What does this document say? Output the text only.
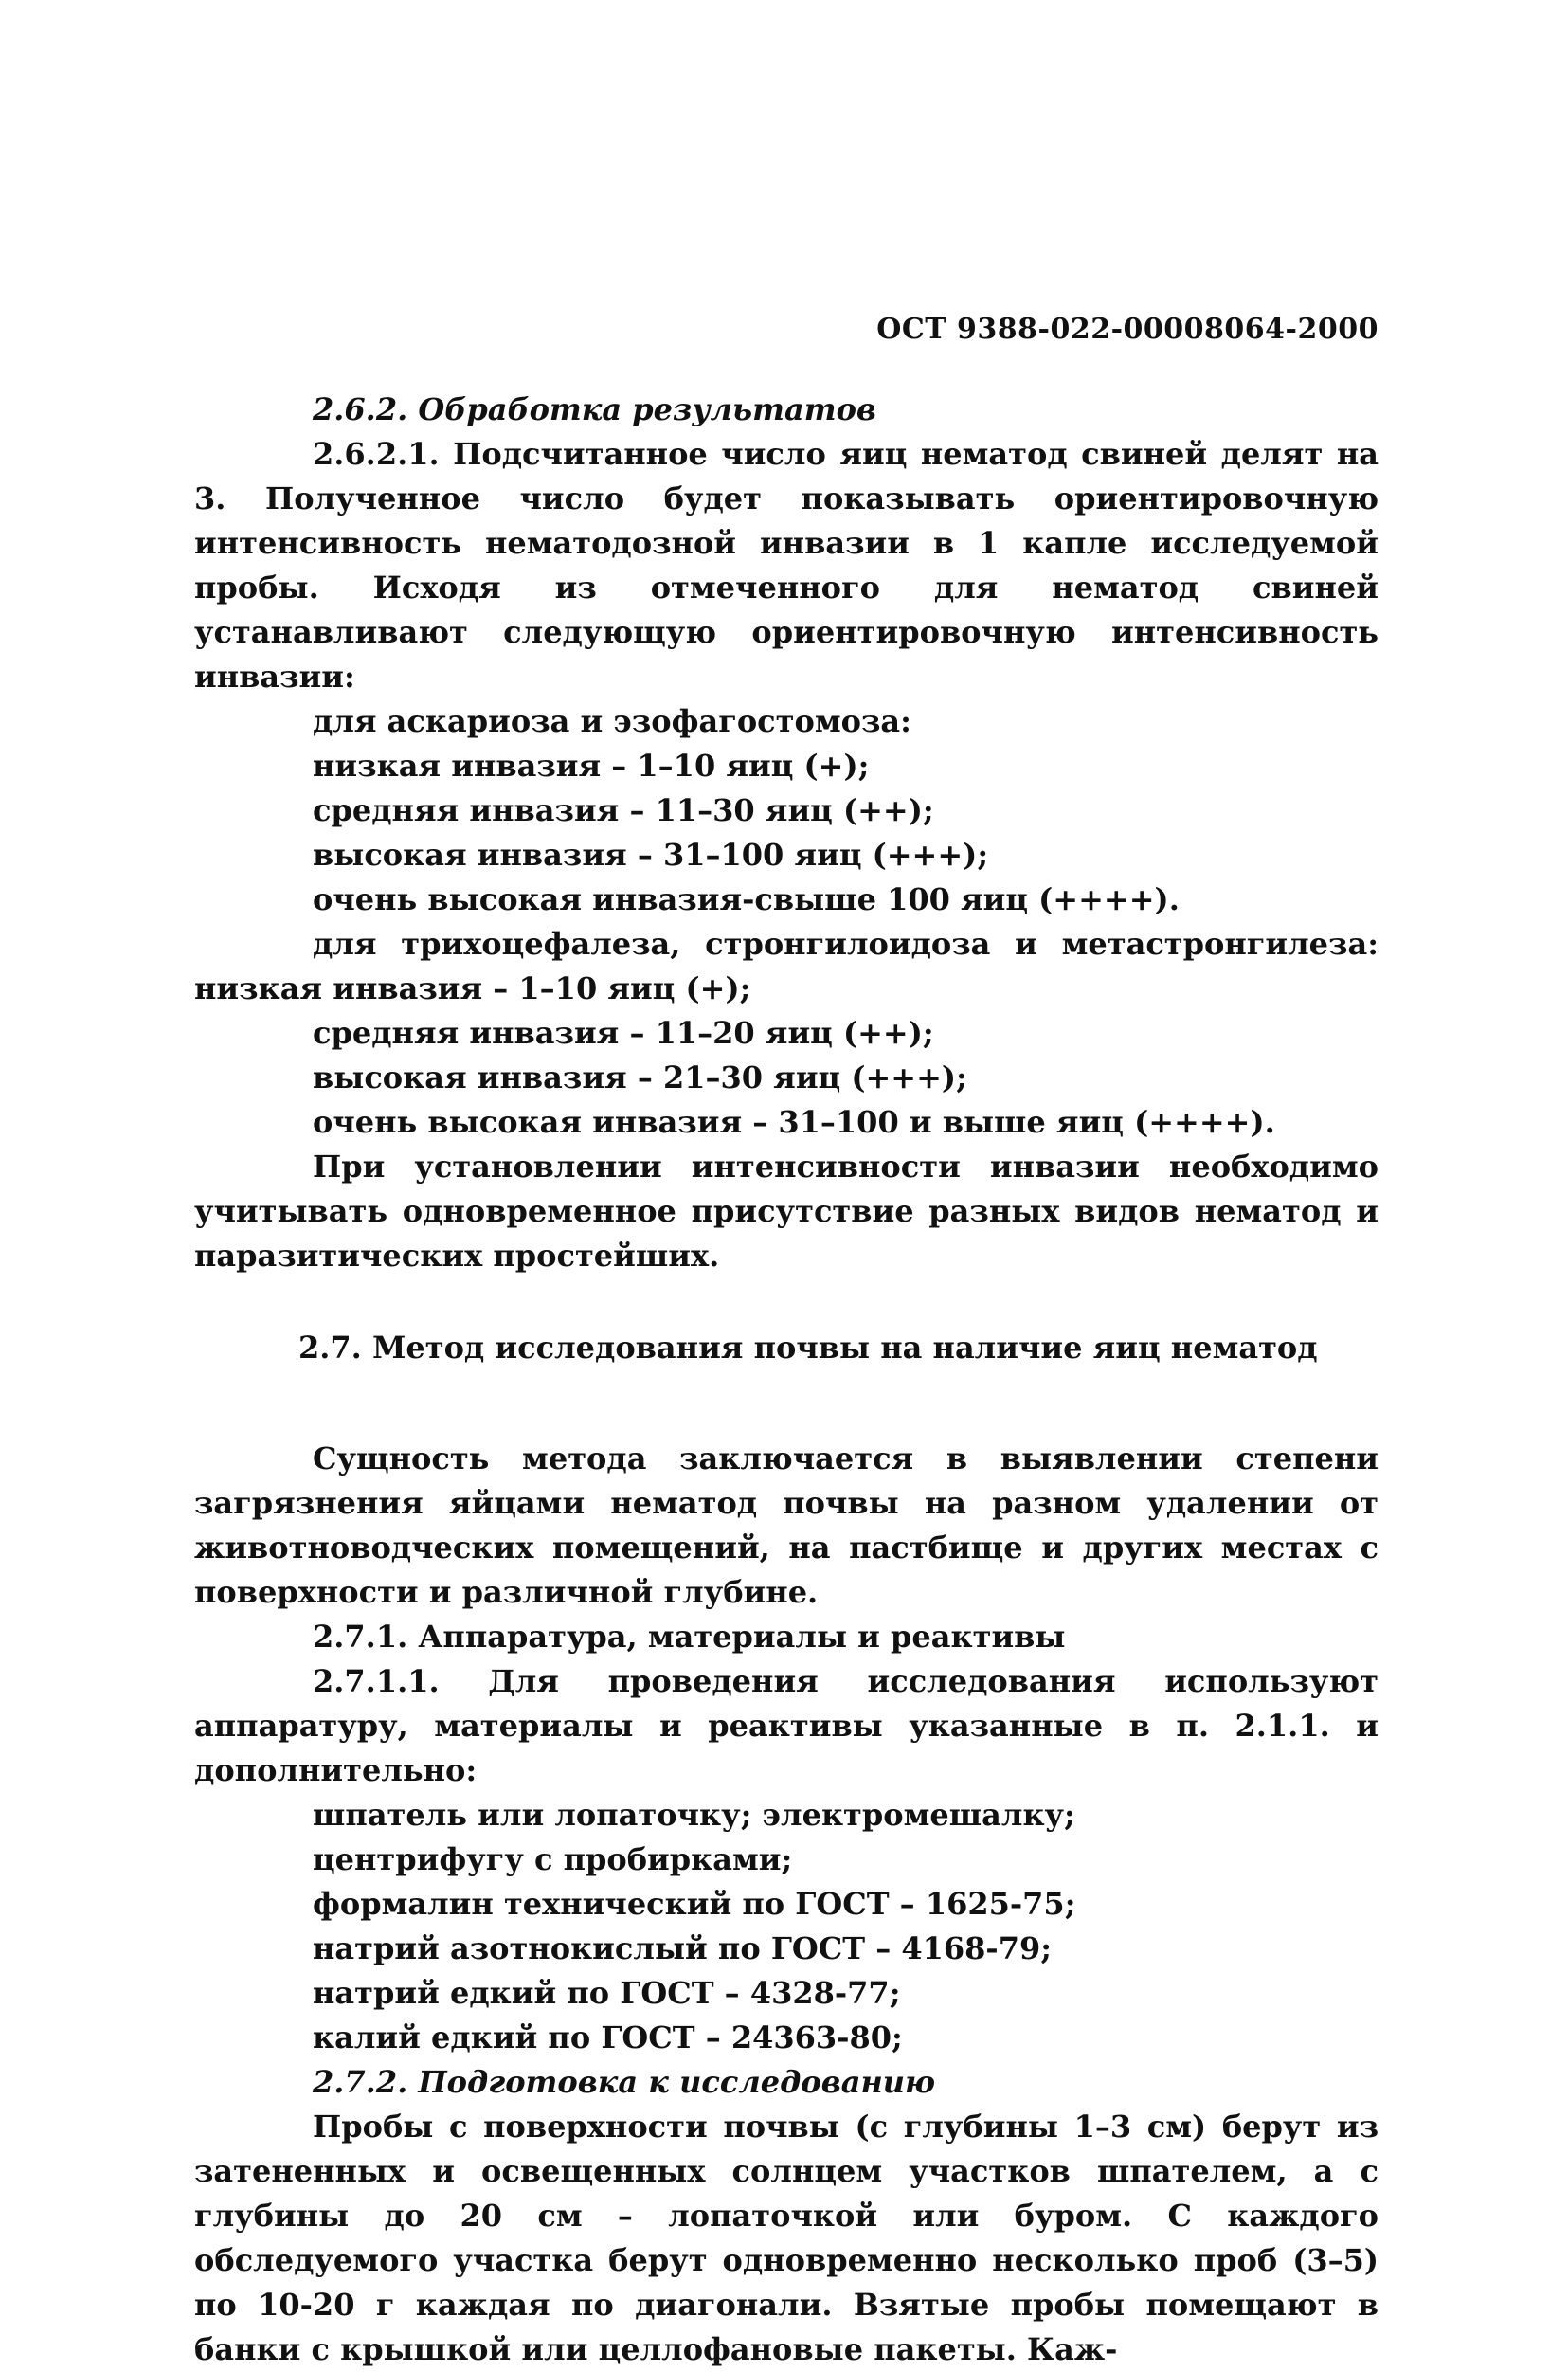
ОСТ 9388-022-00008064-2000

2.6.2. Обработка результатов

2.6.2.1. Подсчитанное число яиц нематод свиней делят на 3. Полученное число будет показывать ориентировочную интенсивность нематодозной инвазии в 1 капле исследуемой пробы. Исходя из отмеченного для нематод свиней устанавливают следующую ориентировочную интенсивность инвазии:

для аскариоза и эзофагостомоза:

низкая инвазия – 1–10 яиц (+);

средняя инвазия – 11–30 яиц (++);

высокая инвазия – 31–100 яиц (+++);

очень высокая инвазия-свыше 100 яиц (++++).

для трихоцефалеза, стронгилоидоза и метастронгилеза: низкая инвазия – 1–10 яиц (+);

средняя инвазия – 11–20 яиц (++);

высокая инвазия – 21–30 яиц (+++);

очень высокая инвазия – 31–100 и выше яиц (++++).

При установлении интенсивности инвазии необходимо учитывать одновременное присутствие разных видов нематод и паразитических простейших.

2.7. Метод исследования почвы на наличие яиц нематод

Сущность метода заключается в выявлении степени загрязнения яйцами нематод почвы на разном удалении от животноводческих помещений, на пастбище и других местах с поверхности и различной глубине.

2.7.1. Аппаратура, материалы и реактивы

2.7.1.1. Для проведения исследования используют аппаратуру, материалы и реактивы указанные в п. 2.1.1. и дополнительно:

шпатель или лопаточку; электромешалку;

центрифугу с пробирками;

формалин технический по ГОСТ – 1625-75;

натрий азотнокислый по ГОСТ – 4168-79;

натрий едкий по ГОСТ – 4328-77;

калий едкий по ГОСТ – 24363-80;

2.7.2. Подготовка к исследованию

Пробы с поверхности почвы (с глубины 1–3 см) берут из затененных и освещенных солнцем участков шпателем, а с глубины до 20 см – лопаточкой или буром. С каждого обследуемого участка берут одновременно несколько проб (3–5) по 10-20 г каждая по диагонали. Взятые пробы помещают в банки с крышкой или целлофановые пакеты. Каж-
